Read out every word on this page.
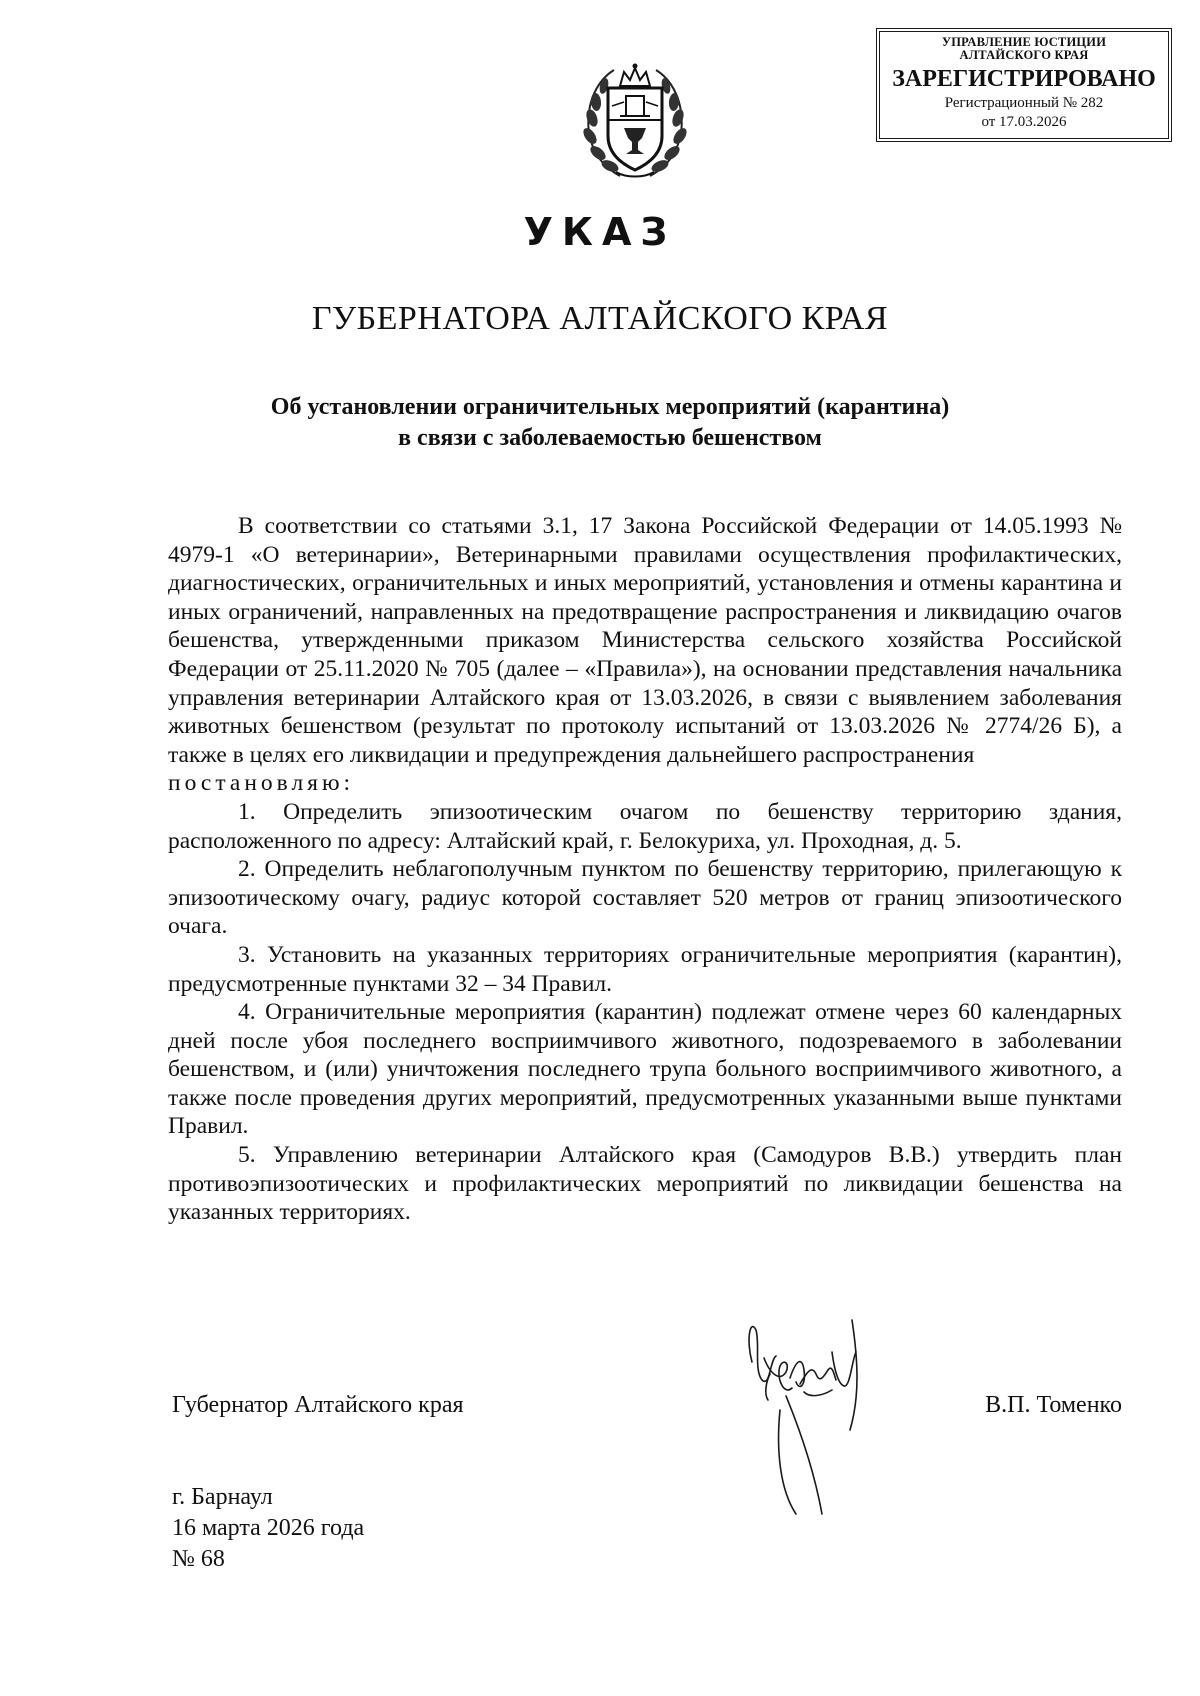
УПРАВЛЕНИЕ ЮСТИЦИИ
АЛТАЙСКОГО КРАЯ
ЗАРЕГИСТРИРОВАНО
Регистрационный № 282
от 17.03.2026
УКАЗ
ГУБЕРНАТОРА АЛТАЙСКОГО КРАЯ
Об установлении ограничительных мероприятий (карантина)
в связи с заболеваемостью бешенством

В соответствии со статьями 3.1, 17 Закона Российской Федерации от 14.05.1993 № 4979-1 «О ветеринарии», Ветеринарными правилами осуществления профилактических, диагностических, ограничительных и иных мероприятий, установления и отмены карантина и иных ограничений, направленных на предотвращение распространения и ликвидацию очагов бешенства, утвержденными приказом Министерства сельского хозяйства Российской Федерации от 25.11.2020 № 705 (далее – «Правила»), на основании представления начальника управления ветеринарии Алтайского края от 13.03.2026, в связи с выявлением заболевания животных бешенством (результат по протоколу испытаний от 13.03.2026 № 2774/26 Б), а также в целях его ликвидации и предупреждения дальнейшего распространения

постановляю:

1. Определить эпизоотическим очагом по бешенству территорию здания, расположенного по адресу: Алтайский край, г. Белокуриха, ул. Проходная, д. 5.

2. Определить неблагополучным пунктом по бешенству территорию, прилегающую к эпизоотическому очагу, радиус которой составляет 520 метров от границ эпизоотического очага.

3. Установить на указанных территориях ограничительные мероприятия (карантин), предусмотренные пунктами 32 – 34 Правил.

4. Ограничительные мероприятия (карантин) подлежат отмене через 60 календарных дней после убоя последнего восприимчивого животного, подозреваемого в заболевании бешенством, и (или) уничтожения последнего трупа больного восприимчивого животного, а также после проведения других мероприятий, предусмотренных указанными выше пунктами Правил.

5. Управлению ветеринарии Алтайского края (Самодуров В.В.) утвердить план противоэпизоотических и профилактических мероприятий по ликвидации бешенства на указанных территориях.

Губернатор Алтайского края	В.П. Томенко
г. Барнаул
16 марта 2026 года
№ 68
